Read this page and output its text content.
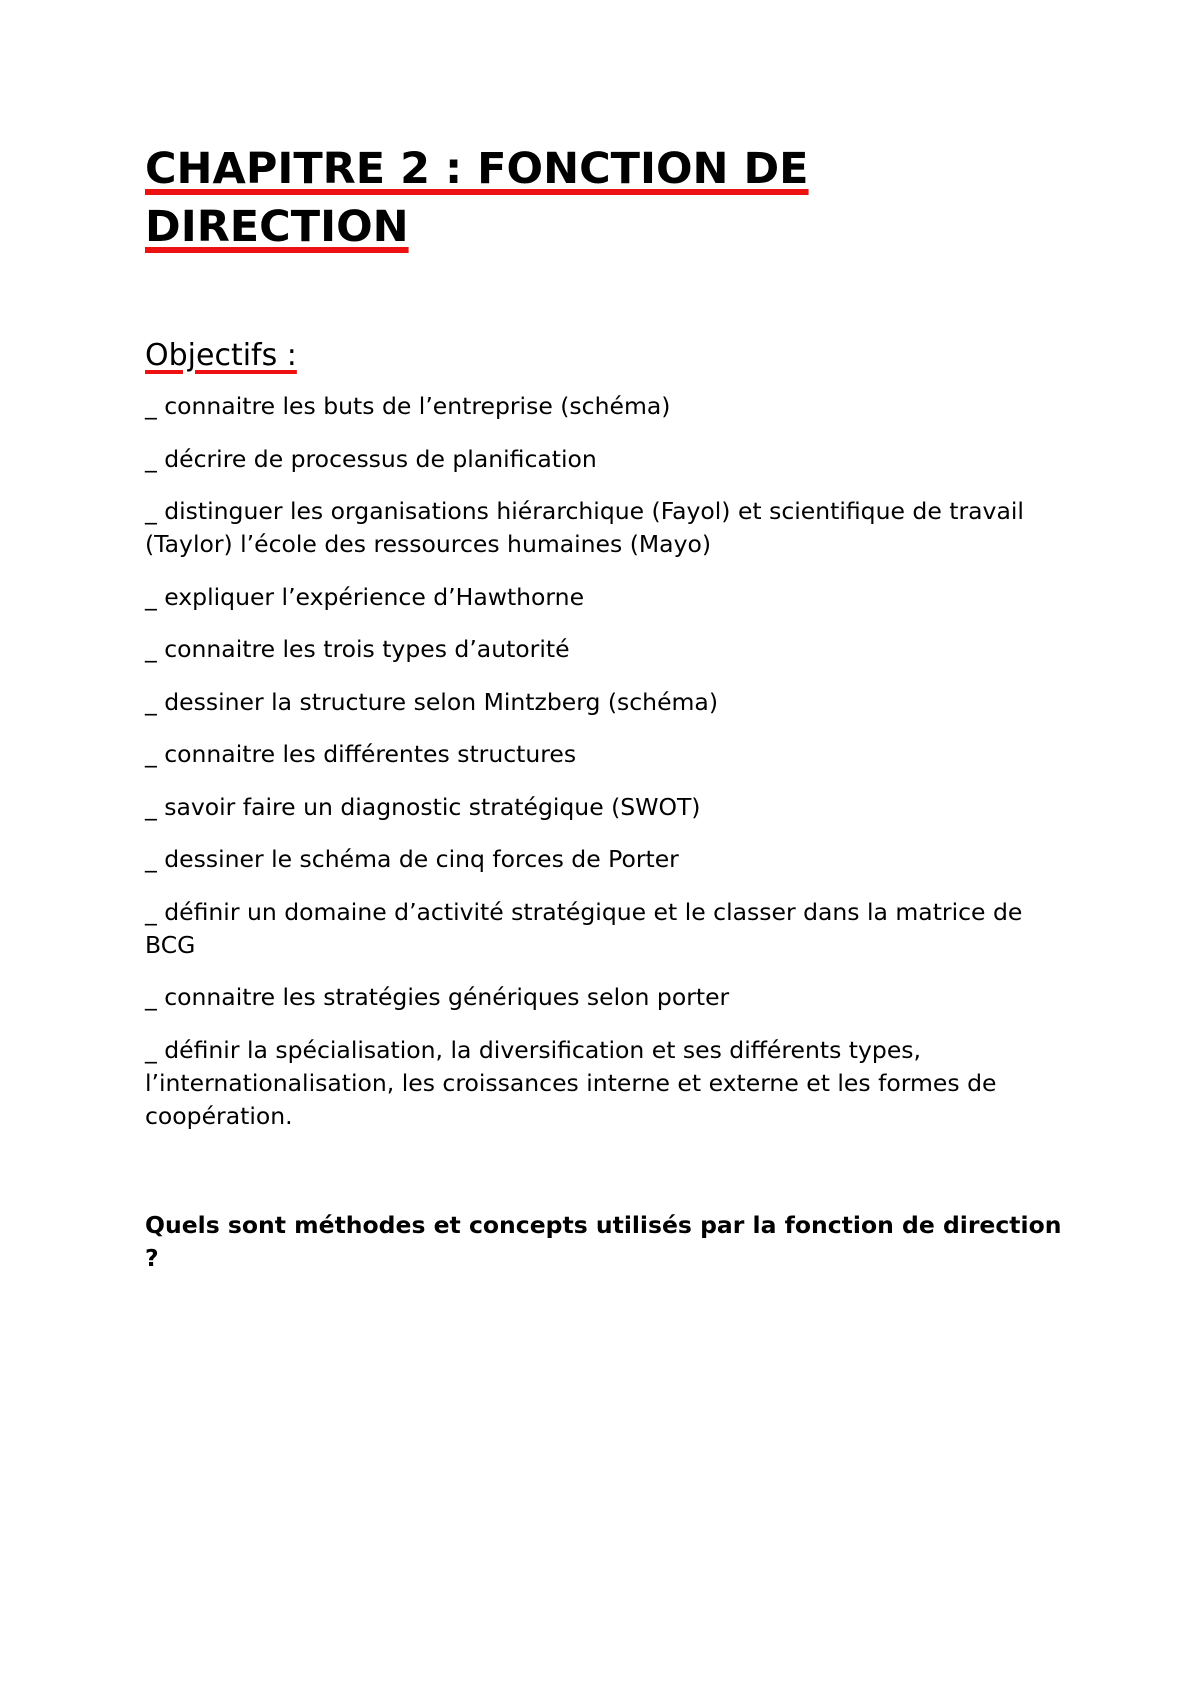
CHAPITRE 2 : FONCTION DE DIRECTION
Objectifs :
_ connaitre les buts de l’entreprise (schéma)
_ décrire de processus de planification
_ distinguer les organisations hiérarchique (Fayol) et scientifique de travail (Taylor) l’école des ressources humaines (Mayo)
_ expliquer l’expérience d’Hawthorne
_ connaitre les trois types d’autorité
_ dessiner la structure selon Mintzberg (schéma)
_ connaitre les différentes structures
_ savoir faire un diagnostic stratégique (SWOT)
_ dessiner le schéma de cinq forces de Porter
_ définir un domaine d’activité stratégique et le classer dans la matrice de BCG
_ connaitre les stratégies génériques selon porter
_ définir la spécialisation, la diversification et ses différents types, l’internationalisation, les croissances interne et externe et les formes de coopération.

Quels sont méthodes et concepts utilisés par la fonction de direction ?
